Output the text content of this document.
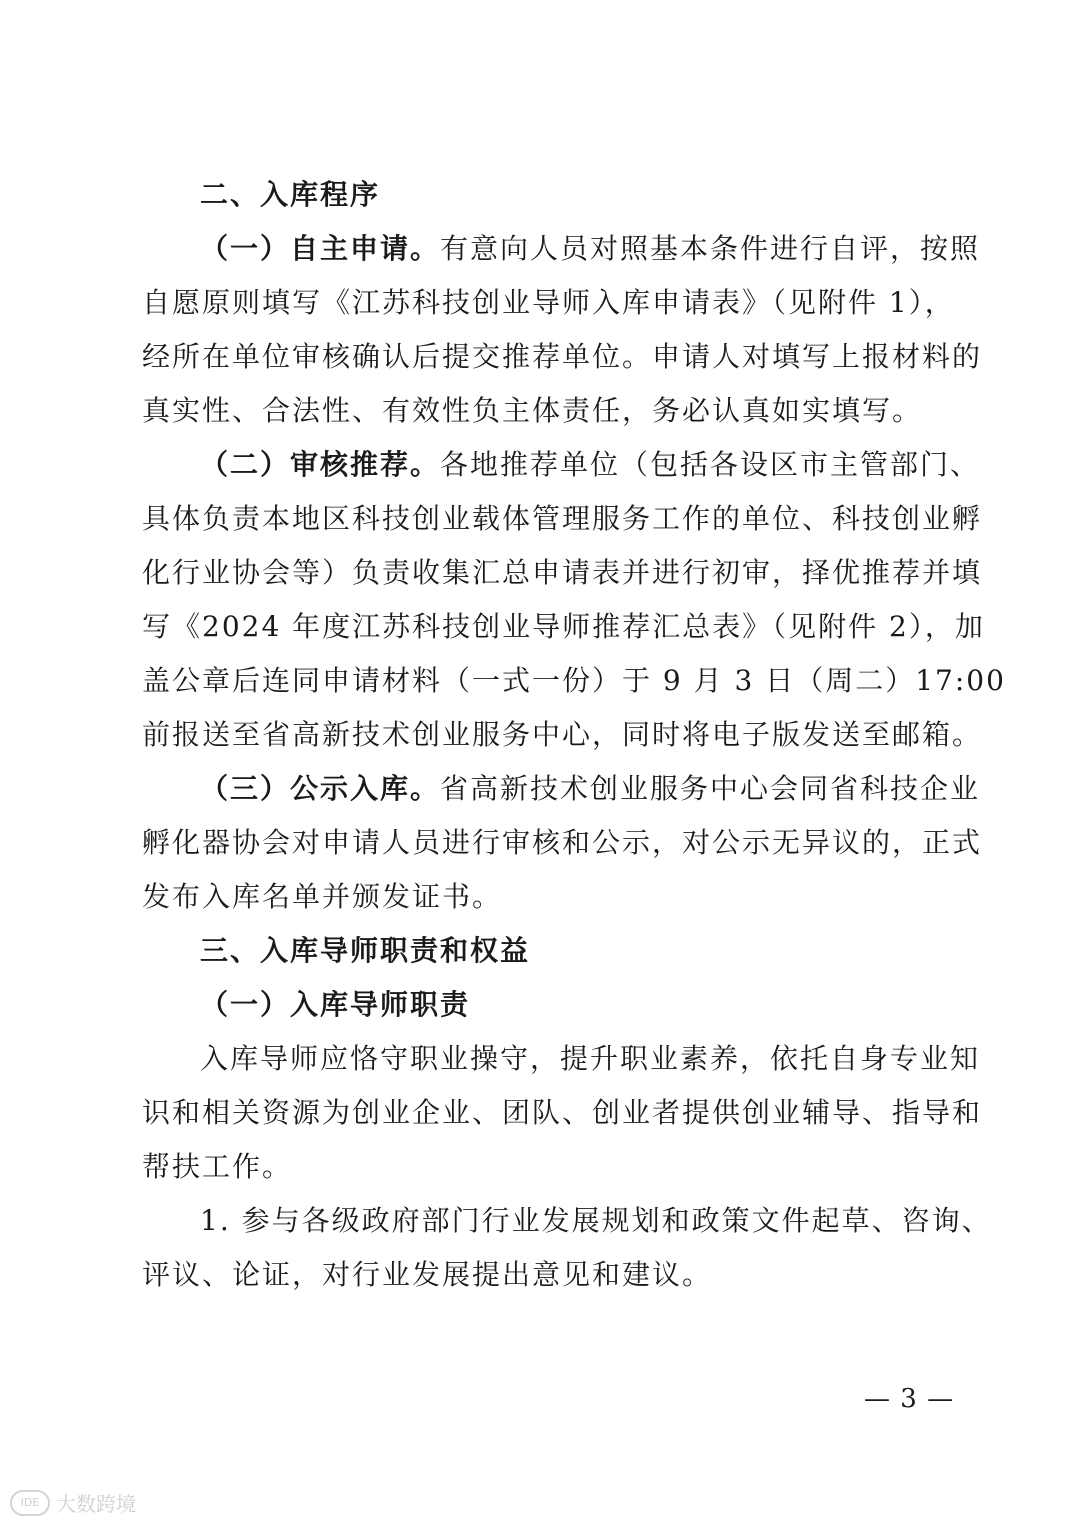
二、入库程序
（一）自主申请。有意向人员对照基本条件进行自评，按照
自愿原则填写《江苏科技创业导师入库申请表》（见附件 1），
经所在单位审核确认后提交推荐单位。申请人对填写上报材料的
真实性、合法性、有效性负主体责任，务必认真如实填写。
（二）审核推荐。各地推荐单位（包括各设区市主管部门、
具体负责本地区科技创业载体管理服务工作的单位、科技创业孵
化行业协会等）负责收集汇总申请表并进行初审，择优推荐并填
写《2024 年度江苏科技创业导师推荐汇总表》（见附件 2），加
盖公章后连同申请材料（一式一份）于 9 月 3 日（周二）17:00
前报送至省高新技术创业服务中心，同时将电子版发送至邮箱。
（三）公示入库。省高新技术创业服务中心会同省科技企业
孵化器协会对申请人员进行审核和公示，对公示无异议的，正式
发布入库名单并颁发证书。
三、入库导师职责和权益
（一）入库导师职责
入库导师应恪守职业操守，提升职业素养，依托自身专业知
识和相关资源为创业企业、团队、创业者提供创业辅导、指导和
帮扶工作。
1. 参与各级政府部门行业发展规划和政策文件起草、咨询、
评议、论证，对行业发展提出意见和建议。
— 3 —
IDE 大数跨境
